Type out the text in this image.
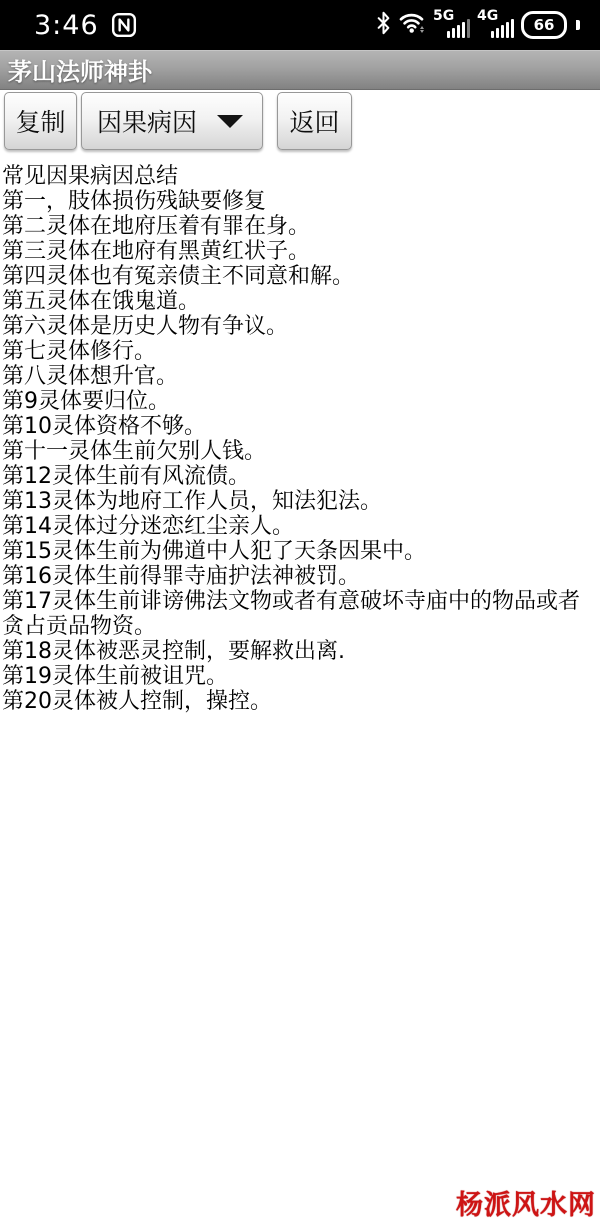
3:46	5G 4G 66
茅山法师神卦
复制 因果病因	返回
常见因果病因总结
第一，肢体损伤残缺要修复
第二灵体在地府压着有罪在身。
第三灵体在地府有黑黄红状子。
第四灵体也有冤亲债主不同意和解。
第五灵体在饿鬼道。
第六灵体是历史人物有争议。
第七灵体修行。
第八灵体想升官。
第9灵体要归位。
第10灵体资格不够。
第十一灵体生前欠别人钱。
第12灵体生前有风流债。
第13灵体为地府工作人员，知法犯法。
第14灵体过分迷恋红尘亲人。
第15灵体生前为佛道中人犯了天条因果中。
第16灵体生前得罪寺庙护法神被罚。
第17灵体生前诽谤佛法文物或者有意破坏寺庙中的物品或者贪占贡品物资。
第18灵体被恶灵控制，要解救出离.
第19灵体生前被诅咒。
第20灵体被人控制，操控。
杨派风水网
